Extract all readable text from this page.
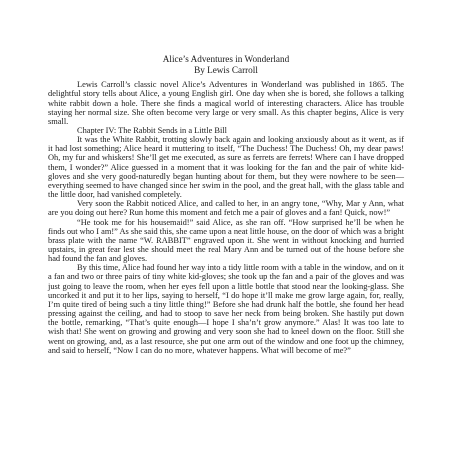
Alice’s Adventures in Wonderland

By Lewis Carroll

Lewis Carroll’s classic novel Alice’s Adventures in Wonderland was published in 1865. The delightful story tells about Alice, a young English girl. One day when she is bored, she follows a talking white rabbit down a hole. There she finds a magical world of interesting characters. Alice has trouble staying her normal size. She often become very large or very small. As this chapter begins, Alice is very small.

Chapter IV: The Rabbit Sends in a Little Bill

It was the White Rabbit, trotting slowly back again and looking anxiously about as it went, as if it had lost something; Alice heard it muttering to itself, “The Duchess! The Duchess! Oh, my dear paws! Oh, my fur and whiskers! She’ll get me executed, as sure as ferrets are ferrets! Where can I have dropped them, I wonder?” Alice guessed in a moment that it was looking for the fan and the pair of white kid-gloves and she very good-naturedly began hunting about for them, but they were nowhere to be seen—everything seemed to have changed since her swim in the pool, and the great hall, with the glass table and the little door, had vanished completely.

Very soon the Rabbit noticed Alice, and called to her, in an angry tone, “Why, Mar y Ann, what are you doing out here? Run home this moment and fetch me a pair of gloves and a fan! Quick, now!”

“He took me for his housemaid!” said Alice, as she ran off. “How surprised he’ll be when he finds out who I am!” As she said this, she came upon a neat little house, on the door of which was a bright brass plate with the name “W. RABBIT” engraved upon it. She went in without knocking and hurried upstairs, in great fear lest she should meet the real Mary Ann and be turned out of the house before she had found the fan and gloves.

By this time, Alice had found her way into a tidy little room with a table in the window, and on it a fan and two or three pairs of tiny white kid-gloves; she took up the fan and a pair of the gloves and was just going to leave the room, when her eyes fell upon a little bottle that stood near the looking-glass. She uncorked it and put it to her lips, saying to herself, “I do hope it’ll make me grow large again, for, really, I’m quite tired of being such a tiny little thing!” Before she had drunk half the bottle, she found her head pressing against the ceiling, and had to stoop to save her neck from being broken. She hastily put down the bottle, remarking, “That’s quite enough—I hope I sha’n’t grow anymore.” Alas! It was too late to wish that! She went on growing and growing and very soon she had to kneel down on the floor. Still she went on growing, and, as a last resource, she put one arm out of the window and one foot up the chimney, and said to herself, “Now I can do no more, whatever happens. What will become of me?”
